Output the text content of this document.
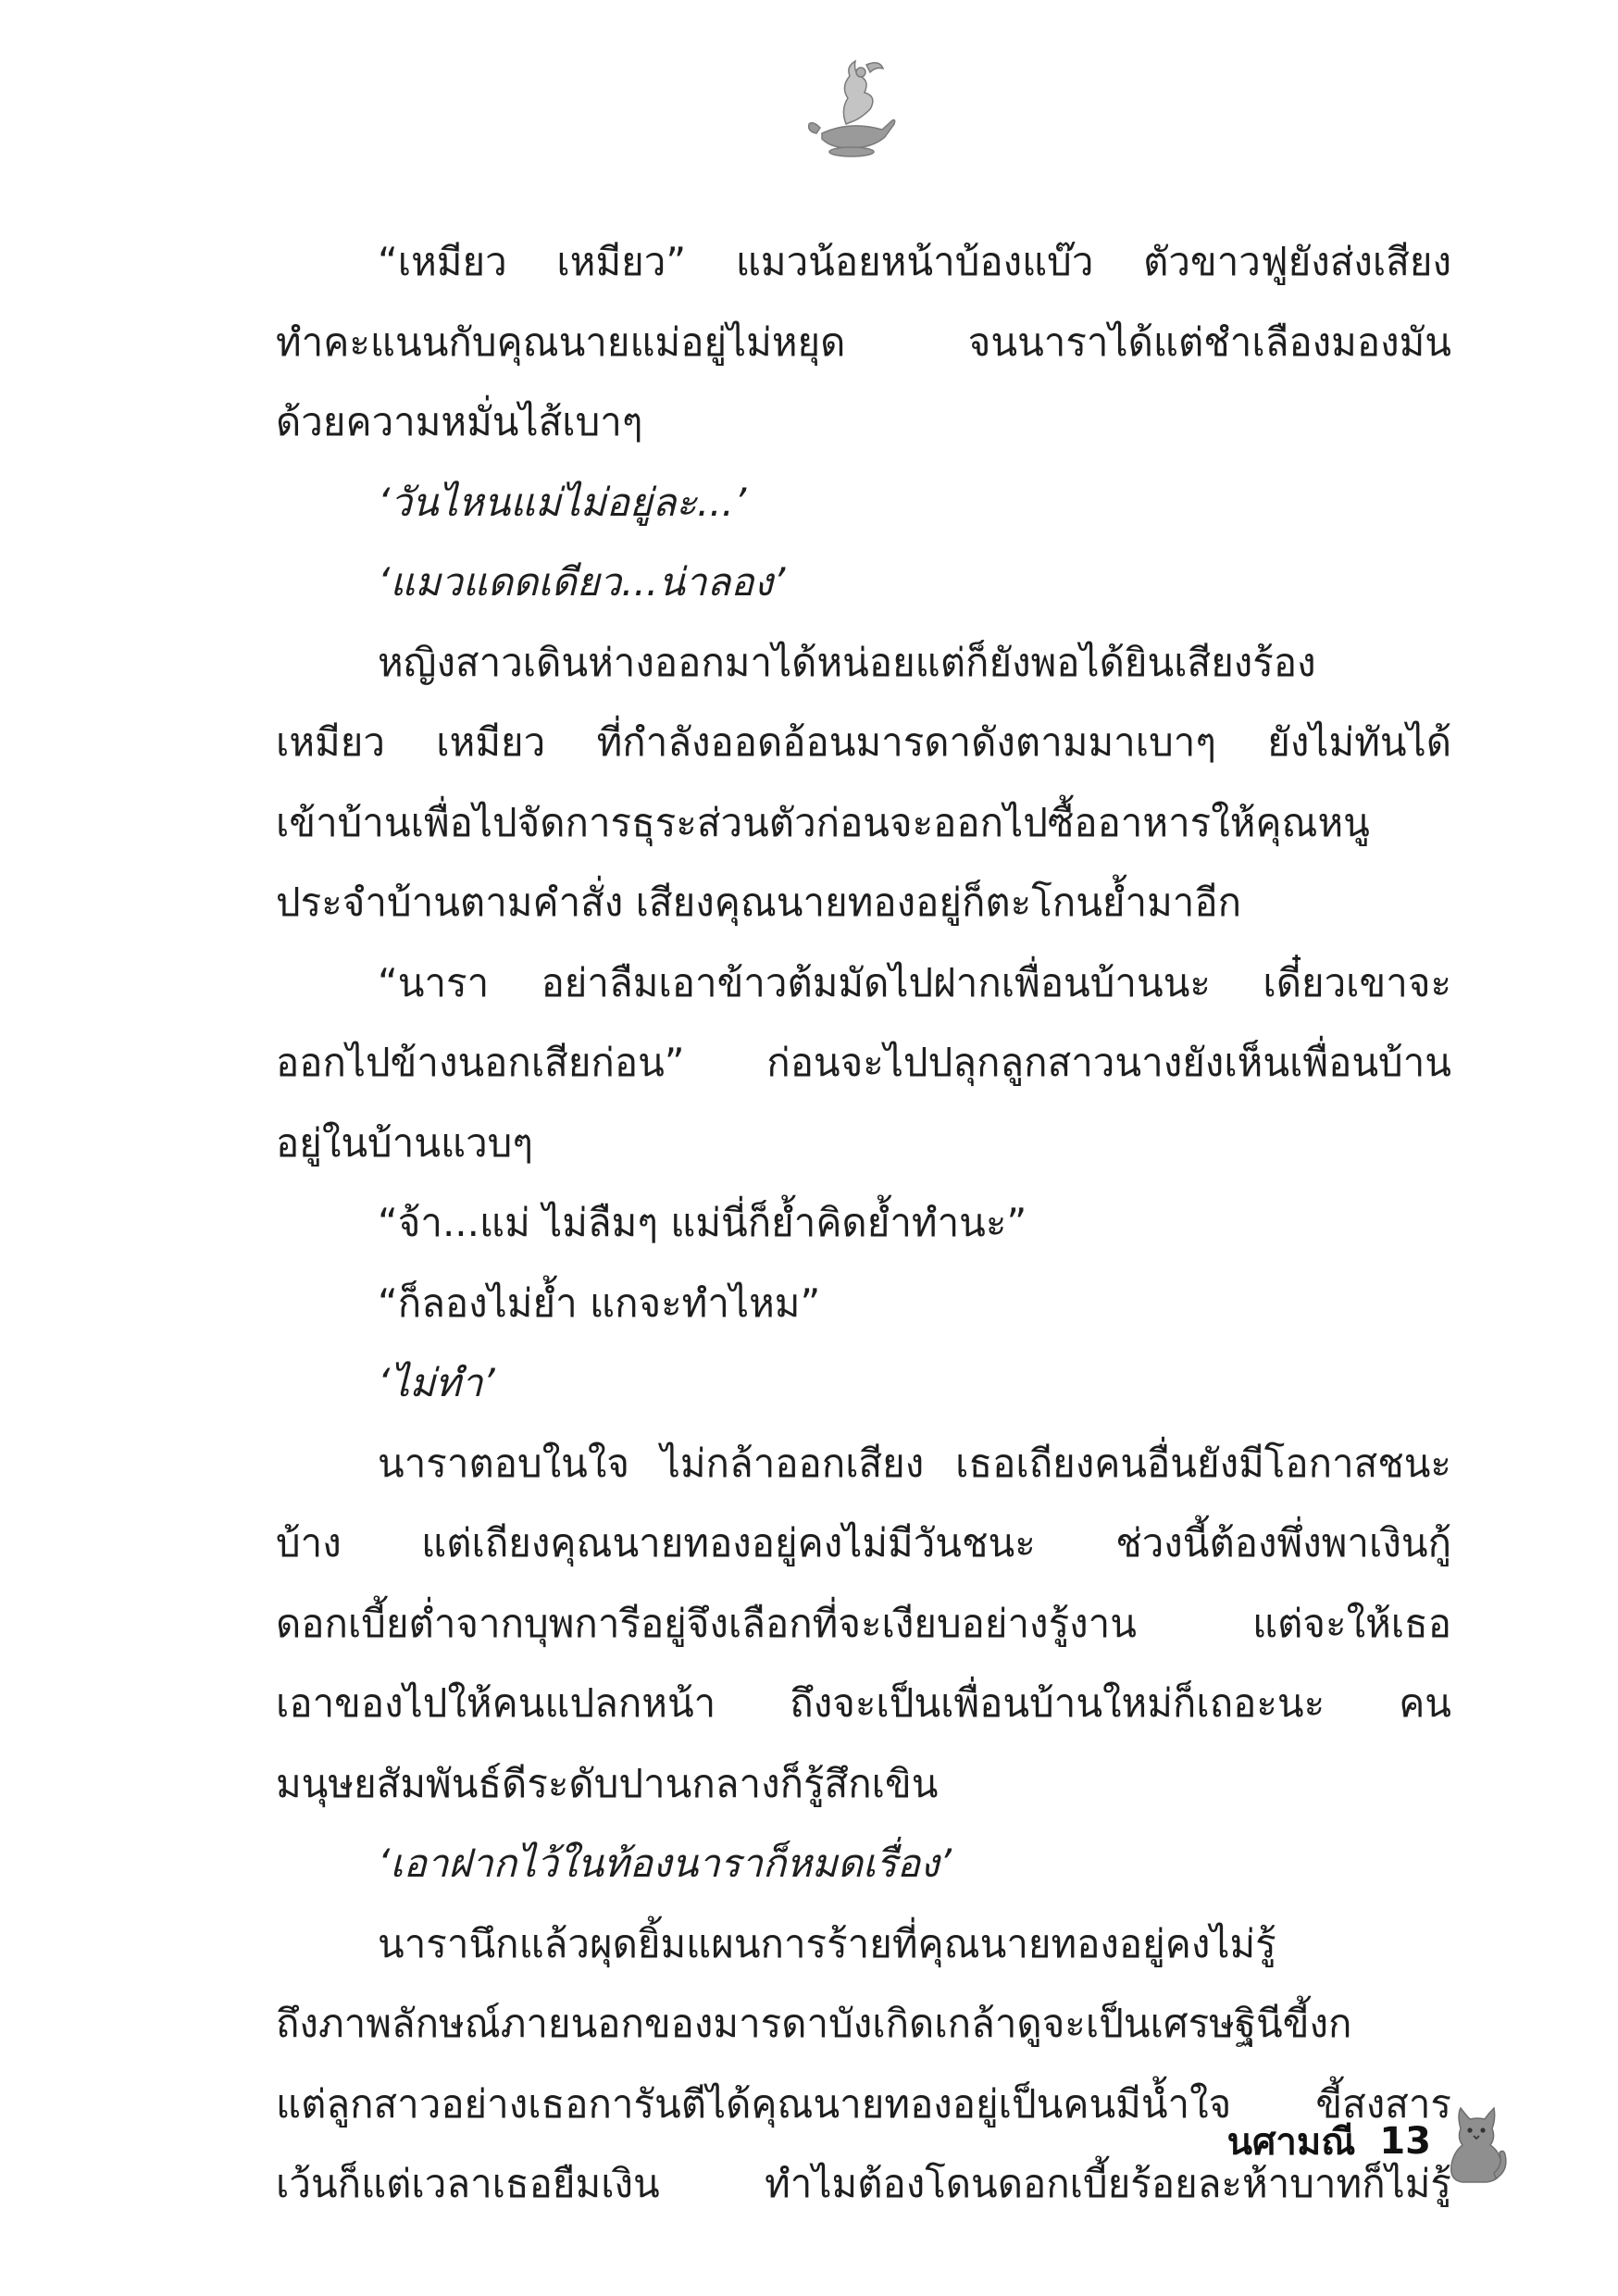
“เหมียว เหมียว” แมวน้อยหน้าบ้องแบ๊ว ตัวขาวฟูยังส่งเสียง
ทำคะแนนกับคุณนายแม่อยู่ไม่หยุด จนนาราได้แต่ชำเลืองมองมัน
ด้วยความหมั่นไส้เบาๆ
‘วันไหนแม่ไม่อยู่ละ...’
‘แมวแดดเดียว...น่าลอง’
หญิงสาวเดินห่างออกมาได้หน่อยแต่ก็ยังพอได้ยินเสียงร้อง
เหมียว เหมียว ที่กำลังออดอ้อนมารดาดังตามมาเบาๆ ยังไม่ทันได้
เข้าบ้านเพื่อไปจัดการธุระส่วนตัวก่อนจะออกไปซื้ออาหารให้คุณหนู
ประจำบ้านตามคำสั่ง เสียงคุณนายทองอยู่ก็ตะโกนย้ำมาอีก
“นารา อย่าลืมเอาข้าวต้มมัดไปฝากเพื่อนบ้านนะ เดี๋ยวเขาจะ
ออกไปข้างนอกเสียก่อน” ก่อนจะไปปลุกลูกสาวนางยังเห็นเพื่อนบ้าน
อยู่ในบ้านแวบๆ
“จ้า...แม่ ไม่ลืมๆ แม่นี่ก็ย้ำคิดย้ำทำนะ”
“ก็ลองไม่ย้ำ แกจะทำไหม”
‘ไม่ทำ’
นาราตอบในใจ ไม่กล้าออกเสียง เธอเถียงคนอื่นยังมีโอกาสชนะ
บ้าง แต่เถียงคุณนายทองอยู่คงไม่มีวันชนะ ช่วงนี้ต้องพึ่งพาเงินกู้
ดอกเบี้ยต่ำจากบุพการีอยู่จึงเลือกที่จะเงียบอย่างรู้งาน แต่จะให้เธอ
เอาของไปให้คนแปลกหน้า ถึงจะเป็นเพื่อนบ้านใหม่ก็เถอะนะ คน
มนุษยสัมพันธ์ดีระดับปานกลางก็รู้สึกเขิน
‘เอาฝากไว้ในท้องนาราก็หมดเรื่อง’
นารานึกแล้วผุดยิ้มแผนการร้ายที่คุณนายทองอยู่คงไม่รู้
ถึงภาพลักษณ์ภายนอกของมารดาบังเกิดเกล้าดูจะเป็นเศรษฐินีขี้งก
แต่ลูกสาวอย่างเธอการันตีได้คุณนายทองอยู่เป็นคนมีน้ำใจ ขี้สงสาร
เว้นก็แต่เวลาเธอยืมเงิน ทำไมต้องโดนดอกเบี้ยร้อยละห้าบาทก็ไม่รู้
นศามณี 13
